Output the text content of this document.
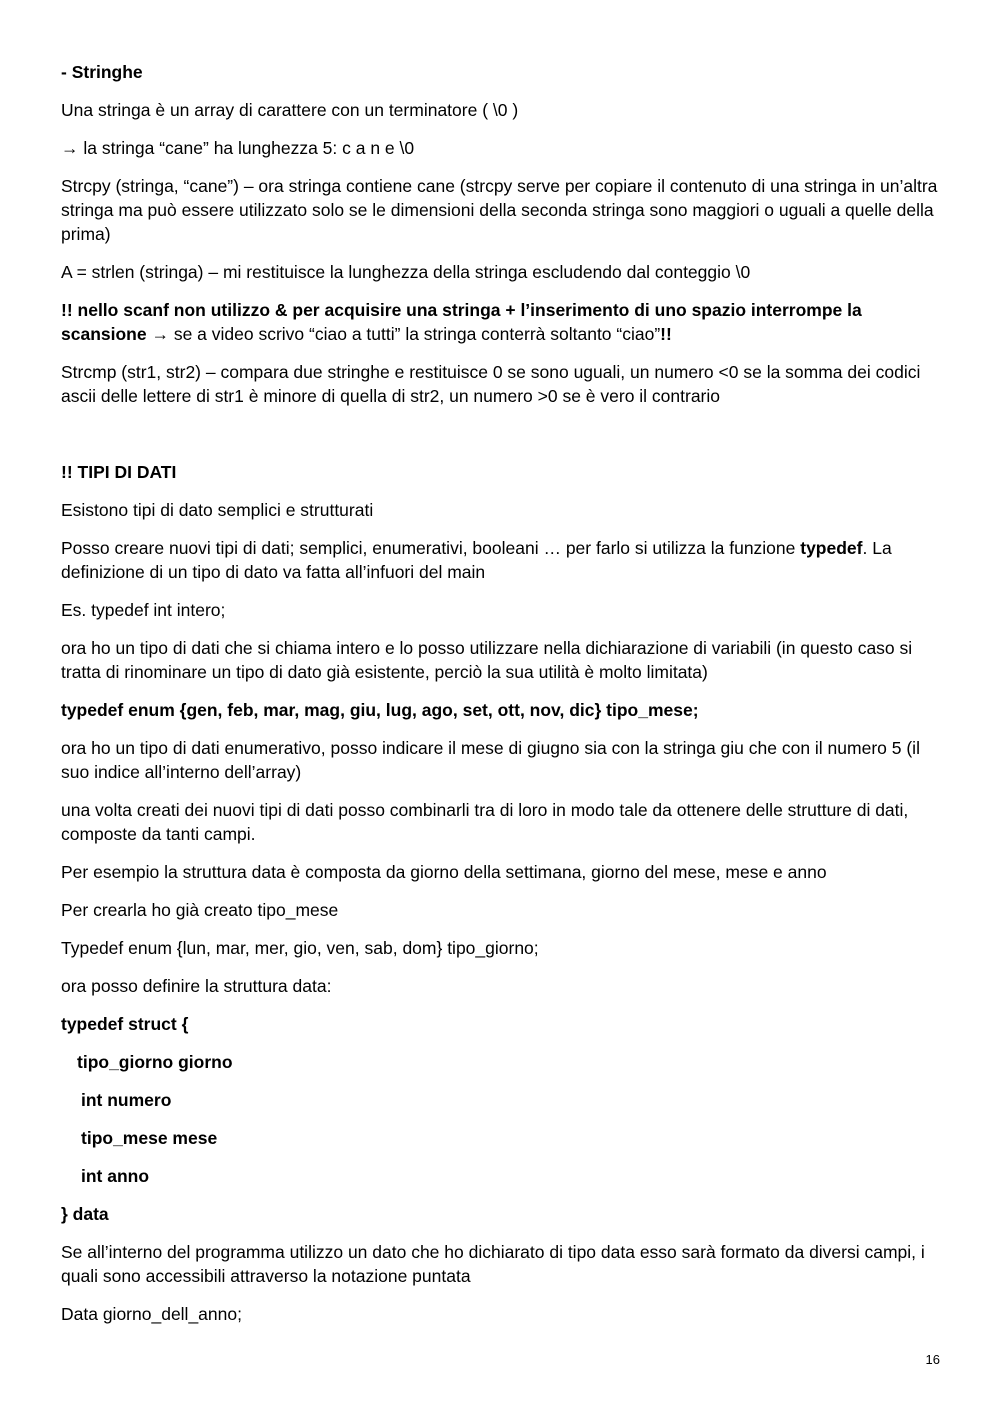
- Stringhe

Una stringa è un array di carattere con un terminatore ( \0 )

→ la stringa “cane” ha lunghezza 5: c a n e \0

Strcpy (stringa, “cane”) – ora stringa contiene cane (strcpy serve per copiare il contenuto di una stringa in un’altra stringa ma può essere utilizzato solo se le dimensioni della seconda stringa sono maggiori o uguali a quelle della prima)

A = strlen (stringa) – mi restituisce la lunghezza della stringa escludendo dal conteggio \0

!! nello scanf non utilizzo & per acquisire una stringa + l’inserimento di uno spazio interrompe la scansione → se a video scrivo “ciao a tutti” la stringa conterrà soltanto “ciao”!!

Strcmp (str1, str2) – compara due stringhe e restituisce 0 se sono uguali, un numero <0 se la somma dei codici ascii delle lettere di str1 è minore di quella di str2, un numero >0 se è vero il contrario

!! TIPI DI DATI

Esistono tipi di dato semplici e strutturati

Posso creare nuovi tipi di dati; semplici, enumerativi, booleani … per farlo si utilizza la funzione typedef. La definizione di un tipo di dato va fatta all’infuori del main

Es. typedef int intero;

ora ho un tipo di dati che si chiama intero e lo posso utilizzare nella dichiarazione di variabili (in questo caso si tratta di rinominare un tipo di dato già esistente, perciò la sua utilità è molto limitata)

typedef enum {gen, feb, mar, mag, giu, lug, ago, set, ott, nov, dic} tipo_mese;

ora ho un tipo di dati enumerativo, posso indicare il mese di giugno sia con la stringa giu che con il numero 5 (il suo indice all’interno dell’array)

una volta creati dei nuovi tipi di dati posso combinarli tra di loro in modo tale da ottenere delle strutture di dati, composte da tanti campi.

Per esempio la struttura data è composta da giorno della settimana, giorno del mese, mese e anno

Per crearla ho già creato tipo_mese

Typedef enum {lun, mar, mer, gio, ven, sab, dom} tipo_giorno;

ora posso definire la struttura data:

typedef struct {

tipo_giorno giorno

int numero

tipo_mese mese

int anno

} data

Se all’interno del programma utilizzo un dato che ho dichiarato di tipo data esso sarà formato da diversi campi, i quali sono accessibili attraverso la notazione puntata

Data giorno_dell_anno;

16
